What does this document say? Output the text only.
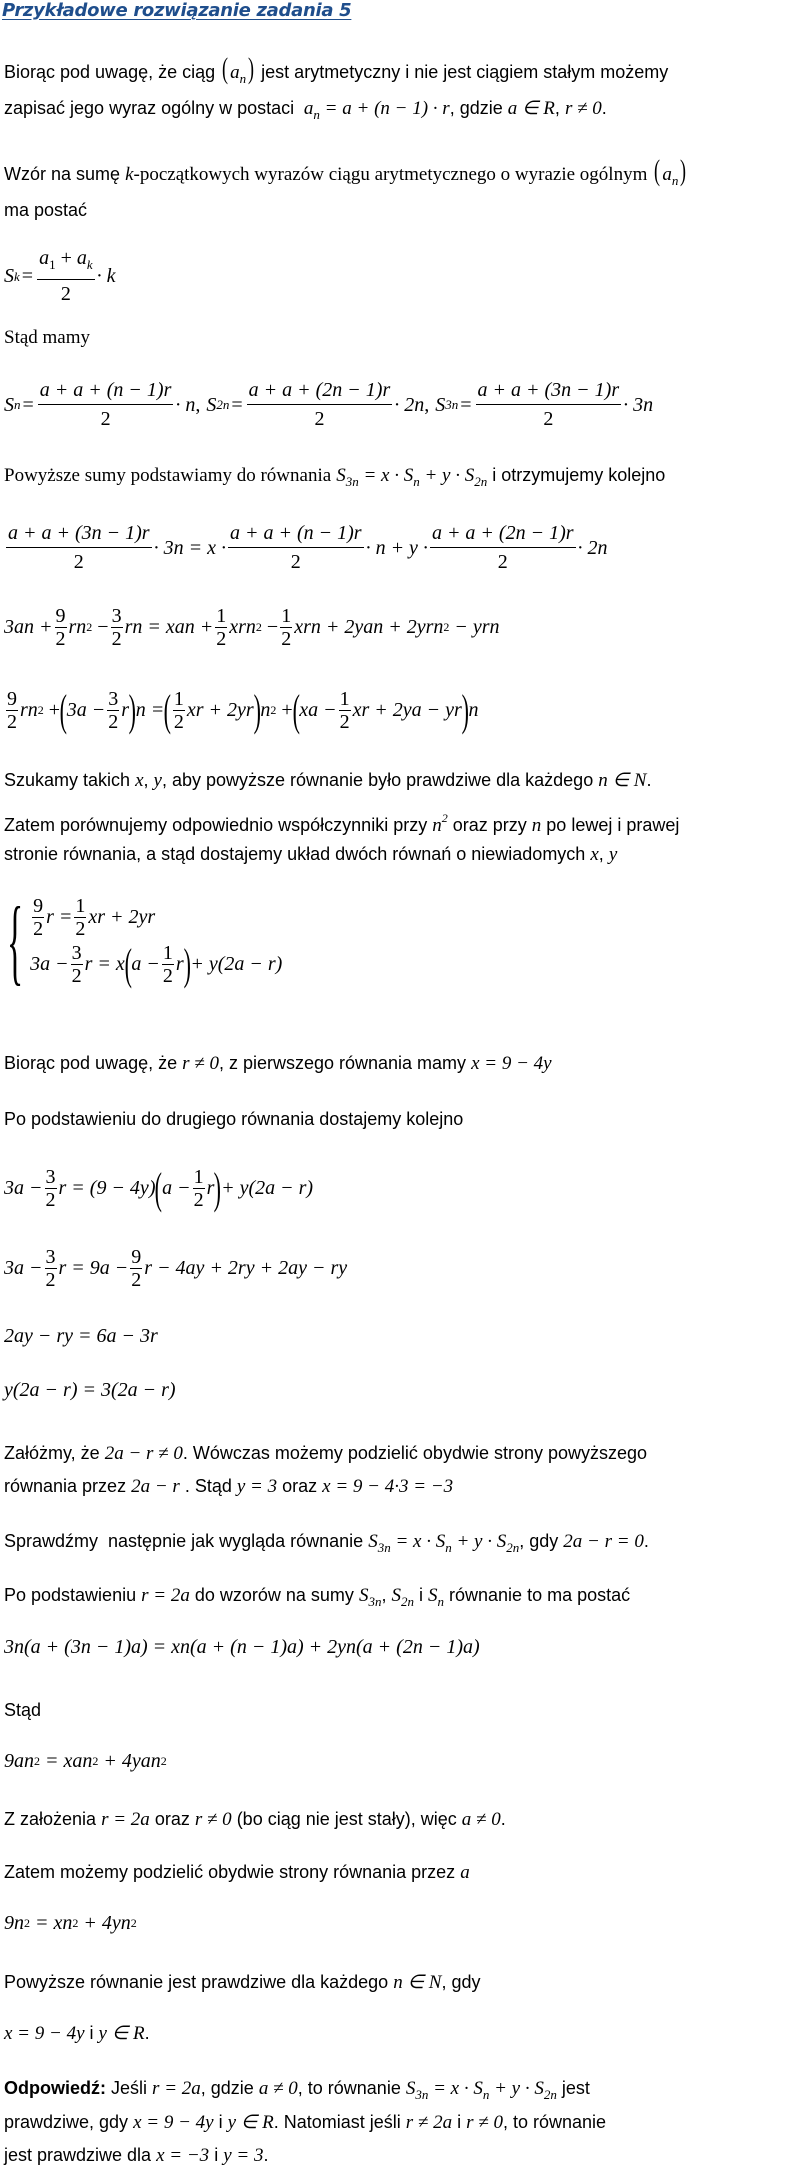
Przykładowe rozwiązanie zadania 5
Biorąc pod uwagę, że ciąg ( $a_n$) jest arytmetyczny i nie jest ciągiem stałym możemy
zapisać jego wyraz ogólny w postaci $a_n = a + (n - 1) \cdot r$, gdzie a ∈ R, r ≠ 0.
Wzór na sumę k-początkowych wyrazów ciągu arytmetycznego o wyrazie ogólnym ( $a_n$)
ma postać
S $k = \frac{a_1 + a_k}{2} \cdot k$
Stąd mamy
S $n = \frac{a + a + (n - 1)r}{2} \cdot n$ , S $2n = \frac{a + a + (2n - 1)r}{2} \cdot 2n$ , S $3n = \frac{a + a + (3n - 1)r}{2} \cdot 3n$
Powyższe sumy podstawiamy do równania $S_{3n} = x \cdot S_n + y \cdot S_{2n}$ i otrzymujemy kolejno
$\frac{a + a + (3n - 1)r}{2} \cdot 3n = x \cdot \frac{a + a + (n - 1)r}{2} \cdot n + y \cdot \frac{a + a + (2n - 1)r}{2} \cdot 2n$
$3an + \frac{9}{2}$ rn 2
− $\frac{3}{2}$ rn = xan + $\frac{1}{2}$ xrn 2
− $\frac{1}{2}$ xrn + 2yan + 2yrn 2
− yrn
$\frac{9}{2}$ rn 2
+ ( $3a - \frac{3}{2}$ r ) n = ( $\frac{1}{2}$ xr + 2yr ) n 2
+ ( xa − $\frac{1}{2}$ xr + 2ya − yr ) n
Szukamy takich x, y, aby powyższe równanie było prawdziwe dla każdego n ∈ N.
Zatem porównujemy odpowiednio współczynniki przy $n^2$ oraz przy n po lewej i prawej
stronie równania, a stąd dostajemy układ dwóch równań o niewiadomych x, y
{ $\frac{9}{2}$ $r = \frac{1}{2}$ xr + 2yr
$3a - \frac{3}{2}$ r = x ( $a - \frac{1}{2}$ r ) + y(2a − r)
Biorąc pod uwagę, że r ≠ 0, z pierwszego równania mamy x = 9 − 4y
Po podstawieniu do drugiego równania dostajemy kolejno
$3a - \frac{3}{2}$ r = (9 − 4y) ( $a - \frac{1}{2}$ r ) + y(2a − r)
$3a - \frac{3}{2}$ $r = 9a - \frac{9}{2}$ r − 4ay + 2ry + 2ay − ry
2ay − ry = 6a − 3r
y(2a − r) = 3(2a − r)
Załóżmy, że 2a − r ≠ 0. Wówczas możemy podzielić obydwie strony powyższego
równania przez 2a − r . Stąd y = 3 oraz x = 9 − 4·3 = −3
Sprawdźmy  następnie jak wygląda równanie $S_{3n} = x \cdot S_n + y \cdot S_{2n}$, gdy 2a − r = 0.
Po podstawieniu r = 2a do wzorów na sumy $S_{3n}$, $S_{2n}$ i $S_n$ równanie to ma postać
3n(a + (3n − 1)a) = xn(a + (n − 1)a) + 2yn(a + (2n − 1)a)
Stąd
9an 2
= xan 2
+ 4yan 2
Z założenia r = 2a oraz r ≠ 0 (bo ciąg nie jest stały), więc a ≠ 0.
Zatem możemy podzielić obydwie strony równania przez a
9n 2
= xn 2
+ 4yn 2
Powyższe równanie jest prawdziwe dla każdego n ∈ N, gdy
x = 9 − 4y i y ∈ R.
Odpowiedź: Jeśli r = 2a, gdzie a ≠ 0, to równanie $S_{3n} = x \cdot S_n + y \cdot S_{2n}$ jest
prawdziwe, gdy x = 9 − 4y i y ∈ R. Natomiast jeśli r ≠ 2a i r ≠ 0, to równanie
jest prawdziwe dla x = −3 i y = 3.
